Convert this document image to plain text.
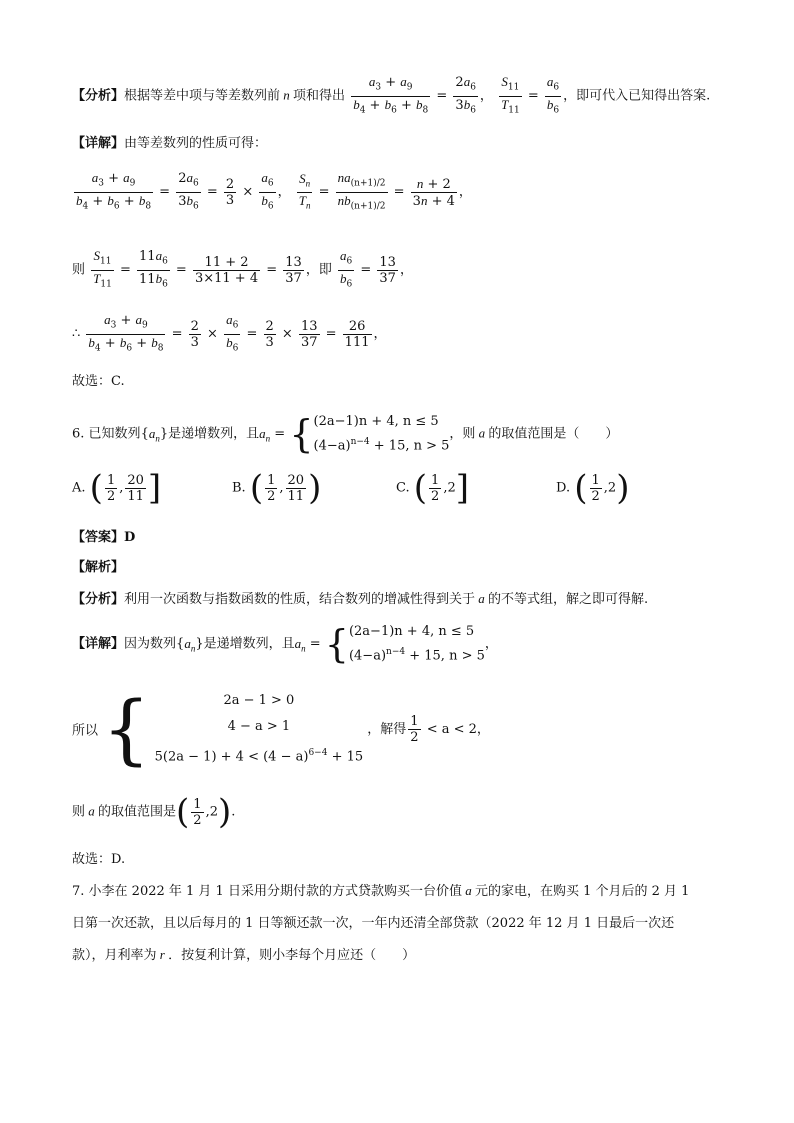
【分析】根据等差中项与等差数列前 n 项和得出 $\frac{a_3 + a_9}{b_4 + b_6 + b_8} = \frac{2a_6}{3b_6}$ ， $\frac{S_{11}}{T_{11}} = \frac{a_6}{b_6}$ ，即可代入已知得出答案.
【详解】由等差数列的性质可得：
$\frac{a_3 + a_9}{b_4 + b_6 + b_8} = \frac{2a_6}{3b_6} = \frac{2}{3} \times \frac{a_6}{b_6}$ ， $\frac{S_n}{T_n} = \frac{na_{(n+1)/2}}{nb_{(n+1)/2}} = \frac{n + 2}{3n + 4}$ ，
则 $\frac{S_{11}}{T_{11}} = \frac{11a_6}{11b_6} = \frac{11 + 2}{3\times 11 + 4} = \frac{13}{37}$ ，即 $\frac{a_6}{b_6} = \frac{13}{37}$ ，
∴ $\frac{a_3 + a_9}{b_4 + b_6 + b_8} = \frac{2}{3} \times \frac{a_6}{b_6} = \frac{2}{3} \times \frac{13}{37} = \frac{26}{111}$ ，
故选：C.
6. 已知数列$\{a_n\}$是递增数列，且$a_n$ = { (2a−1)n + 4, n ≤ 5
$(4-a)^{n-4} + 15$, n > 5
，则 a 的取值范围是（　　）
A. ( $\frac{1}{2}$ , $\frac{20}{11}$ ]	B. ( $\frac{1}{2}$ , $\frac{20}{11}$ )	C. ( $\frac{1}{2} ,2$]	D. ( $\frac{1}{2} ,2$)
【答案】D
【解析】
【分析】利用一次函数与指数函数的性质，结合数列的增减性得到关于 a 的不等式组，解之即可得解.
【详解】因为数列$\{a_n\}$是递增数列，且$a_n$ = { (2a−1)n + 4, n ≤ 5
$(4-a)^{n-4} + 15$, n > 5
，
所以 {	2a − 1 > 0
4 − a > 1
$5(2a - 1) + 4 < (4 - a)^{6-4} + 15$
，解得 $\frac{1}{2} < a < 2$，
则 a 的取值范围是( $\frac{1}{2} ,2$).
故选：D.
7. 小李在 2022 年 1 月 1 日采用分期付款的方式贷款购买一台价值 a 元的家电，在购买 1 个月后的 2 月 1
日第一次还款，且以后每月的 1 日等额还款一次，一年内还清全部贷款（2022 年 12 月 1 日最后一次还
款），月利率为 r ．按复利计算，则小李每个月应还（　　）
